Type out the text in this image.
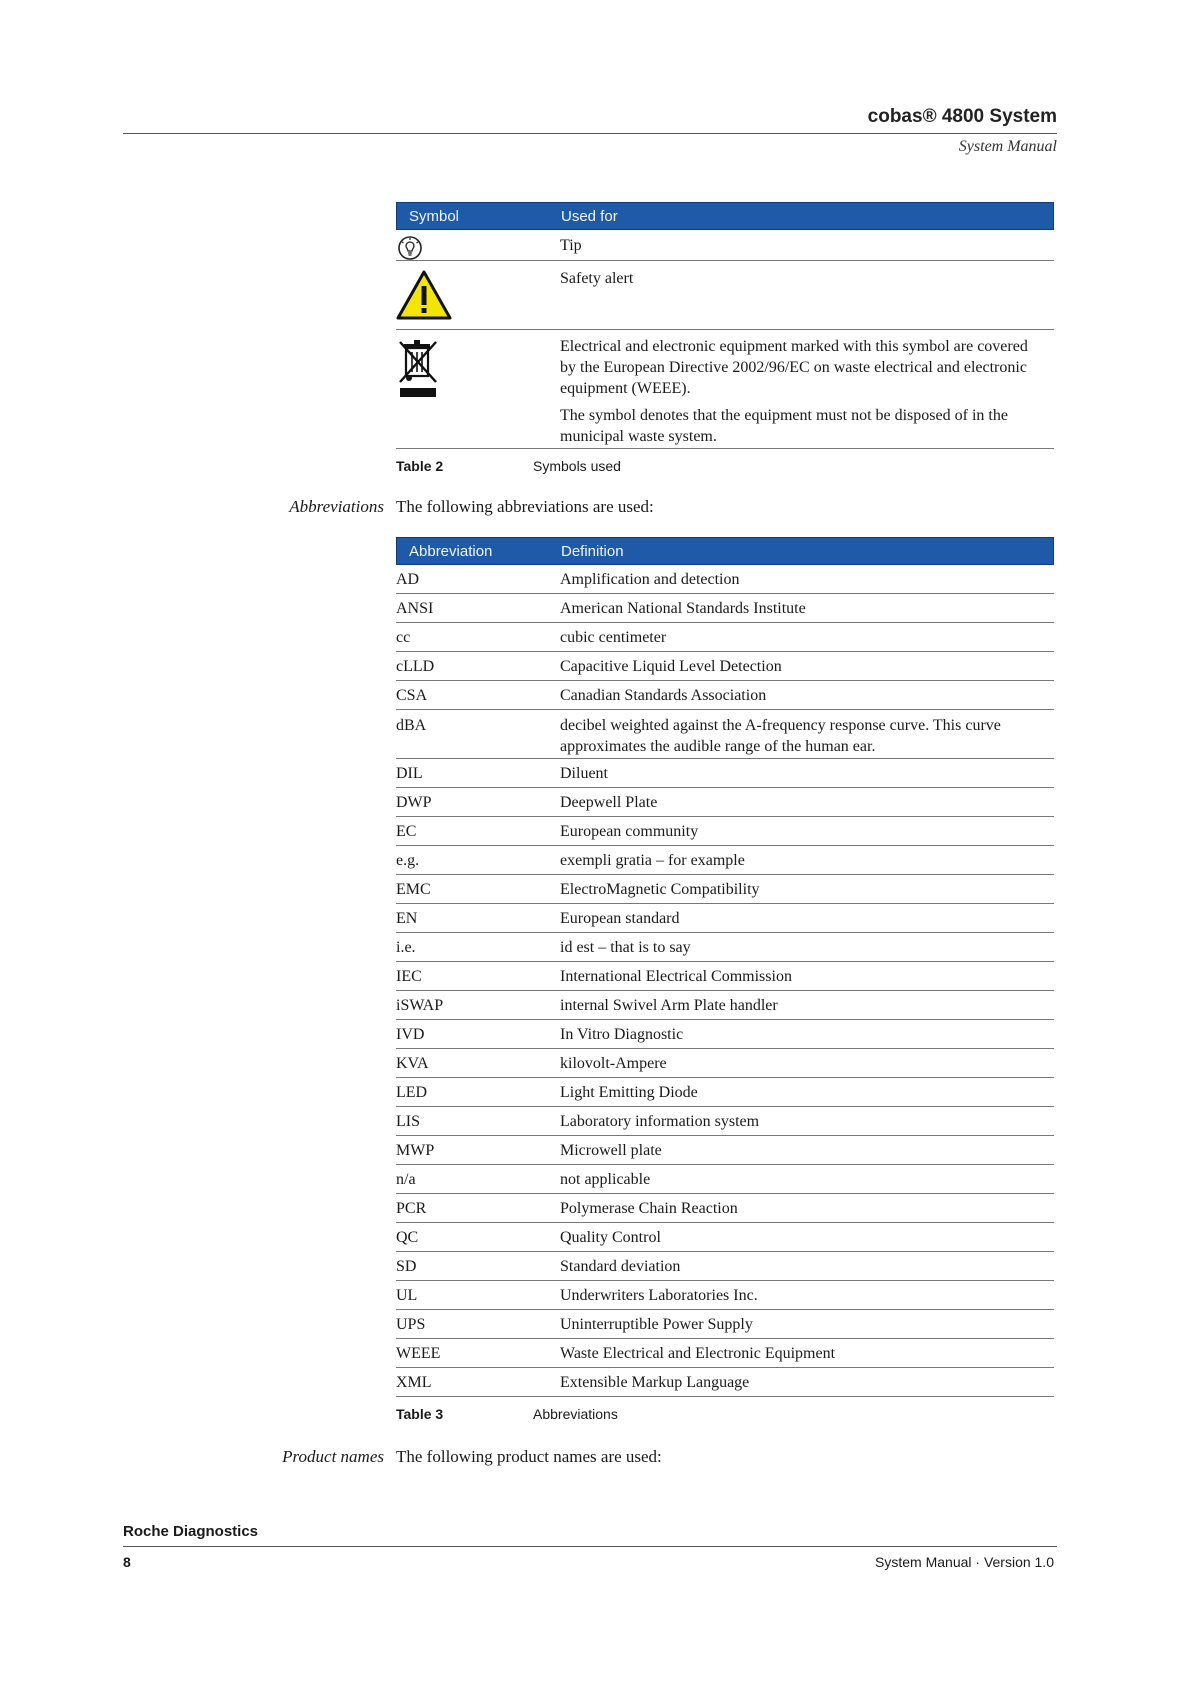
cobas® 4800 System
System Manual
Symbol	Used for
Tip
Safety alert

Electrical and electronic equipment marked with this symbol are covered by the European Directive 2002/96/EC on waste electrical and electronic equipment (WEEE).

The symbol denotes that the equipment must not be disposed of in the municipal waste system.

Table 2	Symbols used
Abbreviations The following abbreviations are used:
Abbreviation	Definition
AD	Amplification and detection
ANSI	American National Standards Institute
cc	cubic centimeter
cLLD	Capacitive Liquid Level Detection
CSA	Canadian Standards Association
dBA	decibel weighted against the A-frequency response curve. This curve approximates the audible range of the human ear.
DIL	Diluent
DWP	Deepwell Plate
EC	European community
e.g.	exempli gratia – for example
EMC	ElectroMagnetic Compatibility
EN	European standard
i.e.	id est – that is to say
IEC	International Electrical Commission
iSWAP	internal Swivel Arm Plate handler
IVD	In Vitro Diagnostic
KVA	kilovolt-Ampere
LED	Light Emitting Diode
LIS	Laboratory information system
MWP	Microwell plate
n/a	not applicable
PCR	Polymerase Chain Reaction
QC	Quality Control
SD	Standard deviation
UL	Underwriters Laboratories Inc.
UPS	Uninterruptible Power Supply
WEEE	Waste Electrical and Electronic Equipment
XML	Extensible Markup Language
Table 3	Abbreviations
Product names The following product names are used:
Roche Diagnostics
8	System Manual · Version 1.0
